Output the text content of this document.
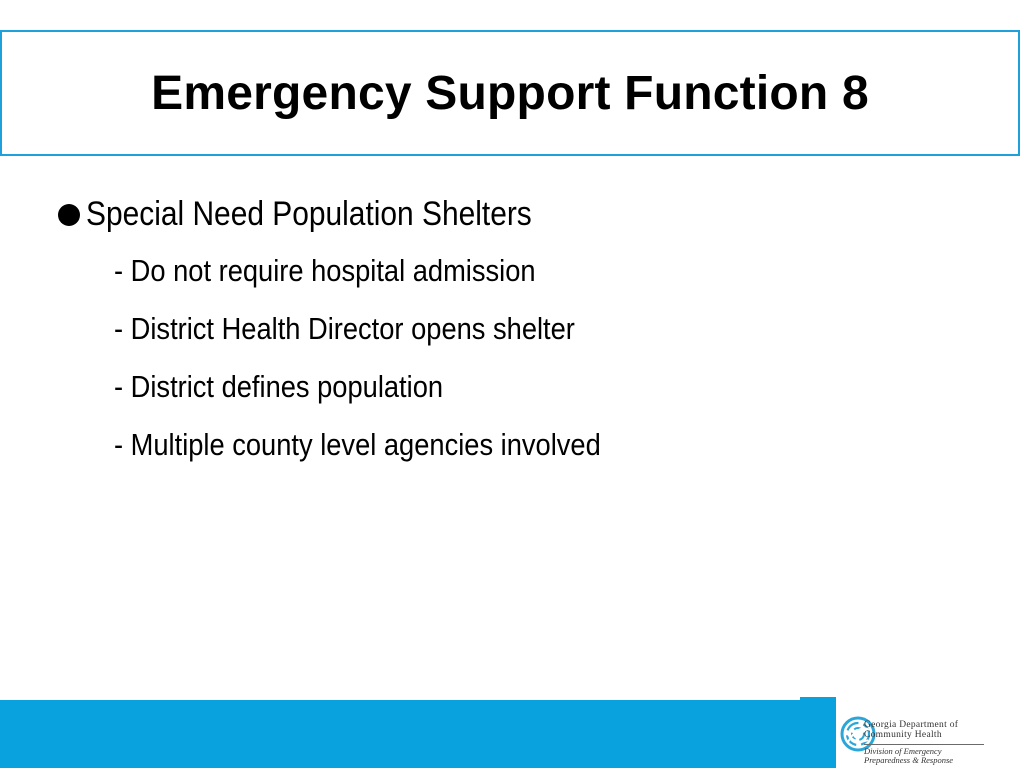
Emergency Support Function 8
Special Need Population Shelters
- Do not require hospital admission
- District Health Director opens shelter
- District defines population
- Multiple county level agencies involved
Georgia Department of
Community Health
Division of Emergency
Preparedness & Response
